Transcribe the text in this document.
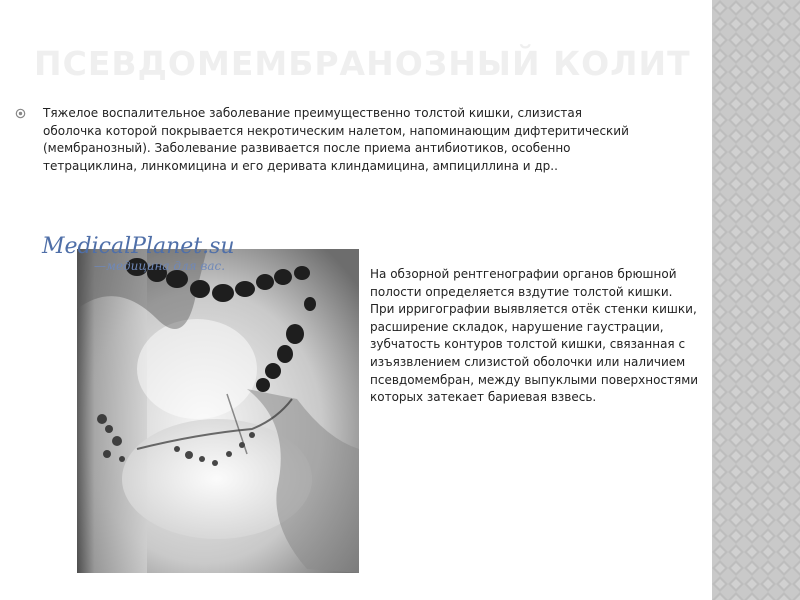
ПСЕВДОМЕМБРАНОЗНЫЙ КОЛИТ
Тяжелое воспалительное заболевание преимущественно толстой кишки, слизистая оболочка которой покрывается некротическим налетом, напоминающим дифтеритический (мембранозный). Заболевание развивается после приема антибиотиков, особенно тетрациклина, линкомицина и его деривата клиндамицина, ампициллина и др..
MedicalPlanet.su
—медицина для вас.
На обзорной рентгенографии органов брюшной полости определяется вздутие толстой кишки. При ирригографии выявляется отёк стенки кишки, расширение складок, нарушение гаустрации, зубчатость контуров толстой кишки, связанная с изъязвлением слизистой оболочки или наличием псевдомембран, между выпуклыми поверхностями которых затекает бариевая взвесь.
